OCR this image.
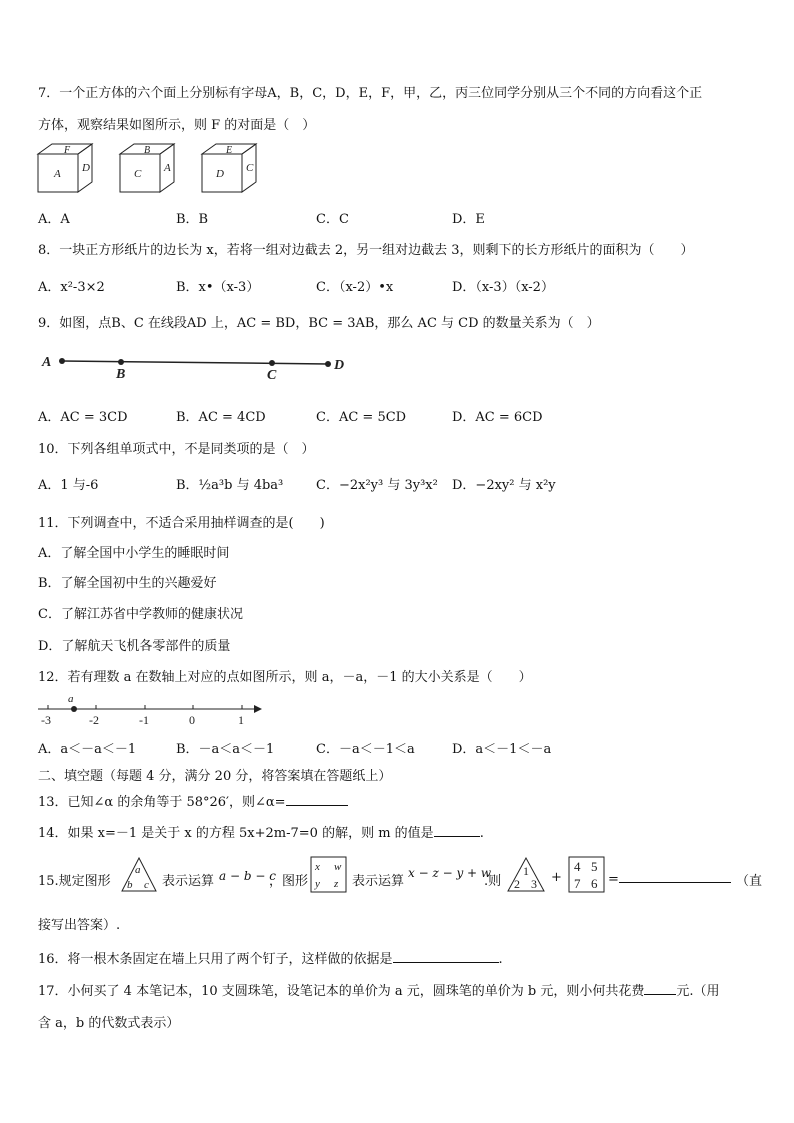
7．一个正方体的六个面上分别标有字母A，B，C，D，E，F，甲，乙，丙三位同学分别从三个不同的方向看这个正
方体，观察结果如图所示，则 F 的对面是（　）
F
A D
B
C A
E
D C
A．A	B．B	C．C	D．E
8．一块正方形纸片的边长为 x，若将一组对边截去 2，另一组对边截去 3，则剩下的长方形纸片的面积为（　　）
A．x²-3×2	B．x•（x-3）	C．（x-2）•x	D．（x-3）（x-2）
9．如图，点B、C 在线段AD 上，AC = BD，BC = 3AB，那么 AC 与 CD 的数量关系为（　）
A
B	C
D
A．AC = 3CD	B．AC = 4CD	C．AC = 5CD	D．AC = 6CD
10．下列各组单项式中，不是同类项的是（　）
A．1 与-6	B．½a³b 与 4ba³	C．−2x²y³ 与 3y³x² D．−2xy² 与 x²y
11．下列调查中，不适合采用抽样调查的是(　　)
A．了解全国中小学生的睡眠时间
B．了解全国初中生的兴趣爱好
C．了解江苏省中学教师的健康状况
D．了解航天飞机各零部件的质量
12．若有理数 a 在数轴上对应的点如图所示，则 a，－a，－1 的大小关系是（　　）
a
-3	-2	-1	0	1
A．a＜－a＜－1	B．－a＜a＜－1	C．－a＜－1＜a	D．a＜－1＜－a
二、填空题（每题 4 分，满分 20 分，将答案填在答题纸上）
13．已知∠α 的余角等于 58°26′，则∠α=
14．如果 x=－1 是关于 x 的方程 5x+2m-7=0 的解，则 m 的值是	.
15.规定图形
a
b c 表示运算 a − b − c
，图形
x w
y z 表示运算
x − z − y + w
.则
1
2 3 +
4 5
7 6 =	（直
接写出答案）.
16．将一根木条固定在墙上只用了两个钉子，这样做的依据是	.
17．小何买了 4 本笔记本，10 支圆珠笔，设笔记本的单价为 a 元，圆珠笔的单价为 b 元，则小何共花费 元.（用
含 a，b 的代数式表示）
